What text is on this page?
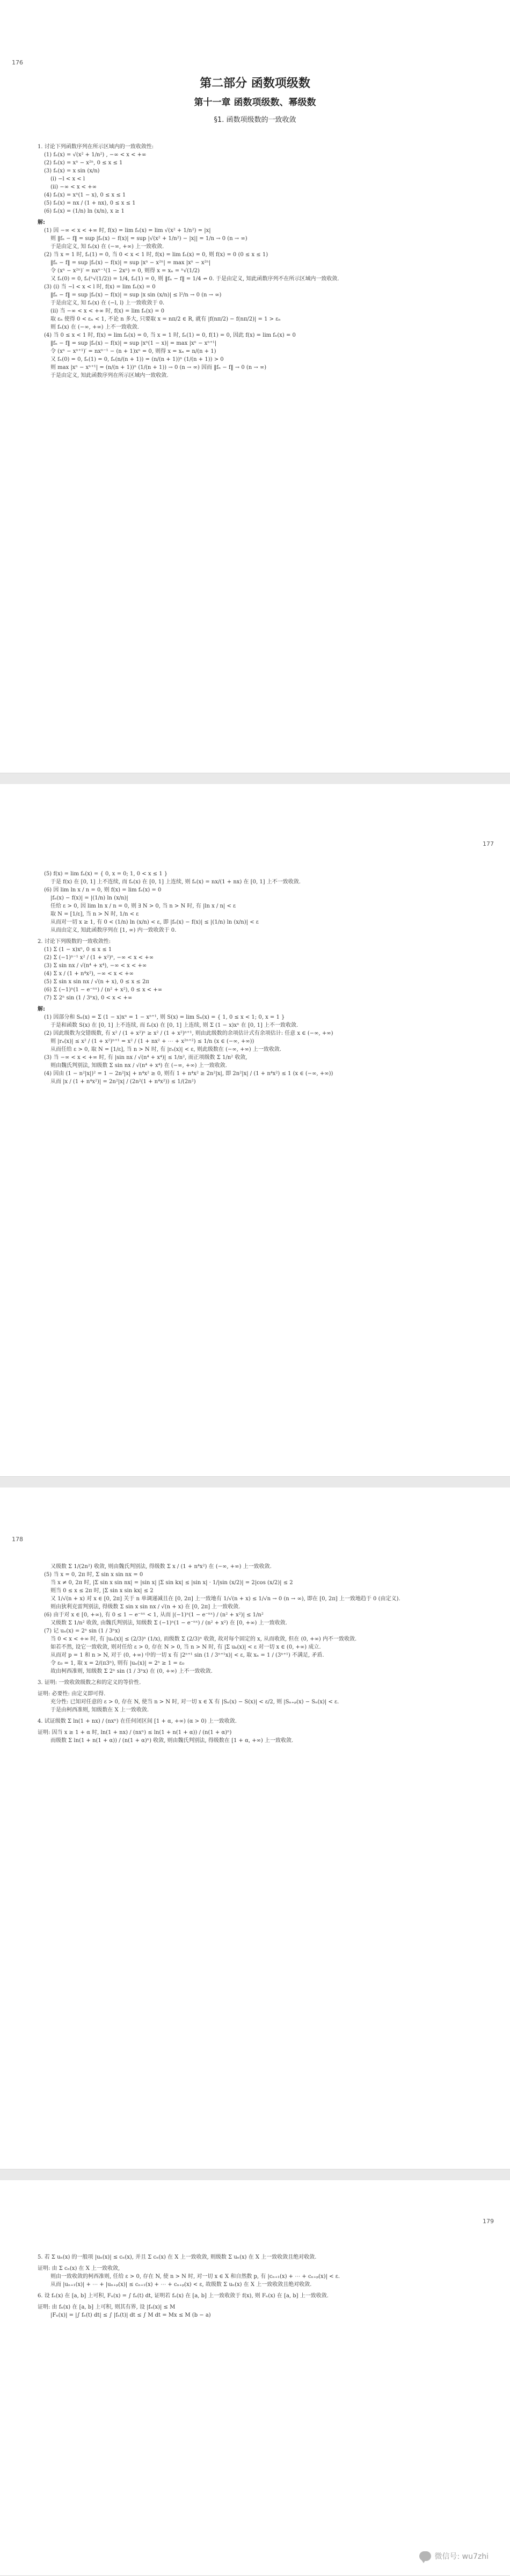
176
第二部分 函数项级数
第十一章 函数项级数、幂级数
§1. 函数项级数的一致收敛
1. 讨论下列函数序列在所示区域内的一致收敛性:
(1) fₙ(x) = √(x² + 1/n²) , −∞ < x < +∞
(2) fₙ(x) = xⁿ − x²ⁿ, 0 ≤ x ≤ 1
(3) fₙ(x) = x sin (x/n)
(i) −l < x < l
(ii) −∞ < x < +∞
(4) fₙ(x) = xⁿ(1 − x), 0 ≤ x ≤ 1
(5) fₙ(x) = nx / (1 + nx), 0 ≤ x ≤ 1
(6) fₙ(x) = (1/n) ln (x/n), x ≥ 1
解:
(1) 因 −∞ < x < +∞ 时, f(x) = lim fₙ(x) = lim √(x² + 1/n²) = |x|
则 ‖fₙ − f‖ = sup |fₙ(x) − f(x)| = sup |√(x² + 1/n²) − |x|| = 1/n → 0 (n → ∞)
于是由定义, 知 fₙ(x) 在 (−∞, +∞) 上一致收敛.
(2) 当 x = 1 时, fₙ(1) = 0, 当 0 < x < 1 时, f(x) = lim fₙ(x) = 0, 则 f(x) = 0 (0 ≤ x ≤ 1)
‖fₙ − f‖ = sup |fₙ(x) − f(x)| = sup |xⁿ − x²ⁿ| = max |xⁿ − x²ⁿ|
令 (xⁿ − x²ⁿ)′ = nxⁿ⁻¹(1 − 2xⁿ) = 0, 则得 x = xₙ = ⁿ√(1/2)
又 fₙ(0) = 0, fₙ(ⁿ√(1/2)) = 1/4, fₙ(1) = 0, 则 ‖fₙ − f‖ = 1/4 ↛ 0. 于是由定义, 知此函数序列不在所示区域内一致收敛.
(3) (i) 当 −l < x < l 时, f(x) = lim fₙ(x) = 0
‖fₙ − f‖ = sup |fₙ(x) − f(x)| = sup |x sin (x/n)| ≤ l²/n → 0 (n → ∞)
于是由定义, 知 fₙ(x) 在 (−l, l) 上一致收敛于 0.
(ii) 当 −∞ < x < +∞ 时, f(x) = lim fₙ(x) = 0
取 εₙ 使得 0 < εₙ < 1, 不论 n 多大, 只要取 x = nπ/2 ∈ R, 就有 |f(nπ/2) − f(nπ/2)| = 1 > εₙ
则 fₙ(x) 在 (−∞, +∞) 上不一致收敛.
(4) 当 0 ≤ x < 1 时, f(x) = lim fₙ(x) = 0, 当 x = 1 时, fₙ(1) = 0, f(1) = 0, 因此 f(x) = lim fₙ(x) = 0
‖fₙ − f‖ = sup |fₙ(x) − f(x)| = sup |xⁿ(1 − x)| = max |xⁿ − xⁿ⁺¹|
令 (xⁿ − xⁿ⁺¹)′ = nxⁿ⁻¹ − (n + 1)xⁿ = 0, 则得 x = xₙ = n/(n + 1)
又 fₙ(0) = 0, fₙ(1) = 0, fₙ(n/(n + 1)) = (n/(n + 1))ⁿ (1/(n + 1)) > 0
则 max |xⁿ − xⁿ⁺¹| = (n/(n + 1))ⁿ (1/(n + 1)) → 0 (n → ∞) 因而 ‖fₙ − f‖ → 0 (n → ∞)
于是由定义, 知此函数序列在所示区域内一致收敛.
177
(5) f(x) = lim fₙ(x) = { 0, x = 0; 1, 0 < x ≤ 1 }
于是 f(x) 在 [0, 1] 上不连续, 而 fₙ(x) 在 [0, 1] 上连续, 则 fₙ(x) = nx/(1 + nx) 在 [0, 1] 上不一致收敛.
(6) 因 lim ln x / n = 0, 则 f(x) = lim fₙ(x) = 0
|fₙ(x) − f(x)| = |(1/n) ln (x/n)|
任给 ε > 0, 因 lim ln x / n = 0, 则 ∃ N > 0, 当 n > N 时, 有 |ln x / n| < ε
取 N = [1/ε], 当 n > N 时, 1/n < ε
从而对一切 x ≥ 1, 有 0 < (1/n) ln (x/n) < ε, 即 |fₙ(x) − f(x)| ≤ |(1/n) ln (x/n)| < ε
从而由定义, 知此函数序列在 [1, ∞) 内一致收敛于 0.
2. 讨论下列级数的一致收敛性:
(1) Σ (1 − x)xⁿ, 0 ≤ x ≤ 1
(2) Σ (−1)ⁿ⁻¹ x² / (1 + x²)ⁿ, −∞ < x < +∞
(3) Σ sin nx / √(n⁴ + x⁴), −∞ < x < +∞
(4) Σ x / (1 + n⁴x²), −∞ < x < +∞
(5) Σ sin x sin nx / √(n + x), 0 ≤ x ≤ 2π
(6) Σ (−1)ⁿ(1 − e⁻ⁿˣ) / (n² + x²), 0 ≤ x < +∞
(7) Σ 2ⁿ sin (1 / 3ⁿx), 0 < x < +∞
解:
(1) 因部分和 Sₙ(x) = Σ (1 − x)xⁿ = 1 − xⁿ⁺¹, 则 S(x) = lim Sₙ(x) = { 1, 0 ≤ x < 1; 0, x = 1 }
于是和函数 S(x) 在 [0, 1] 上不连续, 而 fₙ(x) 在 [0, 1] 上连续, 则 Σ (1 − x)xⁿ 在 [0, 1] 上不一致收敛.
(2) 因此级数为交错级数, 有 x² / (1 + x²)ⁿ ≥ x² / (1 + x²)ⁿ⁺¹, 则由此级数的余项估计式有余项估计: 任意 x ∈ (−∞, +∞)
则 |rₙ(x)| ≤ x² / (1 + x²)ⁿ⁺¹ = x² / (1 + nx² + ⋯ + x²ⁿ⁺²) ≤ 1/n (x ∈ (−∞, +∞))
从而任给 ε > 0, 取 N = [1/ε], 当 n > N 时, 有 |rₙ(x)| < ε, 则此级数在 (−∞, +∞) 上一致收敛.
(3) 当 −∞ < x < +∞ 时, 有 |sin nx / √(n⁴ + x⁴)| ≤ 1/n², 而正项级数 Σ 1/n² 收敛,
则由魏氏判别法, 知级数 Σ sin nx / √(n⁴ + x⁴) 在 (−∞, +∞) 上一致收敛.
(4) 因由 (1 − n²|x|)² = 1 − 2n²|x| + n⁴x² ≥ 0, 则有 1 + n⁴x² ≥ 2n²|x|, 即 2n²|x| / (1 + n⁴x²) ≤ 1 (x ∈ (−∞, +∞))
从而 |x / (1 + n⁴x²)| = 2n²|x| / (2n²(1 + n⁴x²)) ≤ 1/(2n²)
178
又级数 Σ 1/(2n²) 收敛, 则由魏氏判别法, 得级数 Σ x / (1 + n⁴x²) 在 (−∞, +∞) 上一致收敛.
(5) 当 x = 0, 2π 时, Σ sin x sin nx = 0
当 x ≠ 0, 2π 时, |Σ sin x sin nx| = |sin x| |Σ sin kx| ≤ |sin x| · 1/|sin (x/2)| = 2|cos (x/2)| ≤ 2
则当 0 ≤ x ≤ 2π 时, |Σ sin x sin kx| ≤ 2
又 1/√(n + x) 对 x ∈ [0, 2π] 关于 n 单调递减且在 [0, 2π] 上一致地有 1/√(n + x) ≤ 1/√n → 0 (n → ∞), 即在 [0, 2π] 上一致地趋于 0 (由定义).
则由狄利克雷判别法, 得级数 Σ sin x sin nx / √(n + x) 在 [0, 2π] 上一致收敛.
(6) 由于对 x ∈ [0, +∞), 有 0 ≤ 1 − e⁻ⁿˣ < 1, 从而 |(−1)ⁿ(1 − e⁻ⁿˣ) / (n² + x²)| ≤ 1/n²
又级数 Σ 1/n² 收敛, 由魏氏判别法, 知级数 Σ (−1)ⁿ(1 − e⁻ⁿˣ) / (n² + x²) 在 [0, +∞) 上一致收敛.
(7) 记 uₙ(x) = 2ⁿ sin (1 / 3ⁿx)
当 0 < x < +∞ 时, 有 |uₙ(x)| ≤ (2/3)ⁿ (1/x), 而级数 Σ (2/3)ⁿ 收敛, 故对每个固定的 x, 从而收敛, 但在 (0, +∞) 内不一致收敛.
如若不然, 设它一致收敛, 则对任给 ε > 0, 存在 N > 0, 当 n > N 时, 有 |Σ uₖ(x)| < ε 对一切 x ∈ (0, +∞) 成立.
从而对 p = 1 和 n > N, 对于 (0, +∞) 中的一切 x 有 |2ⁿ⁺¹ sin (1 / 3ⁿ⁺¹x)| < ε, 取 xₙ = 1 / (3ⁿ⁺¹) 不满足, 矛盾.
令 ε₀ = 1, 取 x = 2/(π3ⁿ), 则有 |uₙ(x)| = 2ⁿ ≥ 1 = ε₀
故由柯西准则, 知级数 Σ 2ⁿ sin (1 / 3ⁿx) 在 (0, +∞) 上不一致收敛.
3. 证明: 一致收敛级数之和的定义的等价性.
证明: 必要性: 由定义即可得.
充分性: 已知对任意的 ε > 0, 存在 N, 使当 n > N 时, 对一切 x ∈ X 有 |Sₙ(x) − S(x)| < ε/2, 则 |Sₙ₊ₚ(x) − Sₙ(x)| < ε.
于是由柯西准则, 知级数在 X 上一致收敛.
4. 试证级数 Σ ln(1 + nx) / (nxⁿ) 在任何闭区间 [1 + α, +∞) (α > 0) 上一致收敛.
证明: 因当 x ≥ 1 + α 时, ln(1 + nx) / (nxⁿ) ≤ ln(1 + n(1 + α)) / (n(1 + α)ⁿ)
而级数 Σ ln(1 + n(1 + α)) / (n(1 + α)ⁿ) 收敛, 则由魏氏判别法, 得级数在 [1 + α, +∞) 上一致收敛.
179
5. 若 Σ uₙ(x) 的一般项 |uₙ(x)| ≤ cₙ(x), 并且 Σ cₙ(x) 在 X 上一致收敛, 则级数 Σ uₙ(x) 在 X 上一致收敛且绝对收敛.
证明: 由 Σ cₙ(x) 在 X 上一致收敛,
则由一致收敛的柯西准则, 任给 ε > 0, 存在 N, 使 n > N 时, 对一切 x ∈ X 和自然数 p, 有 |cₙ₊₁(x) + ⋯ + cₙ₊ₚ(x)| < ε.
从而 |uₙ₊₁(x)| + ⋯ + |uₙ₊ₚ(x)| ≤ cₙ₊₁(x) + ⋯ + cₙ₊ₚ(x) < ε, 故级数 Σ uₙ(x) 在 X 上一致收敛且绝对收敛.
6. 设 fₙ(x) 在 [a, b] 上可积, Fₙ(x) = ∫ fₙ(t) dt, 证明若 fₙ(x) 在 [a, b] 上一致收敛于 f(x), 则 Fₙ(x) 在 [a, b] 上一致收敛.
证明: 由 fₙ(x) 在 [a, b] 上可积, 则其有界, 设 |fₙ(x)| ≤ M
|Fₙ(x)| = |∫ fₙ(t) dt| ≤ ∫ |fₙ(t)| dt ≤ ∫ M dt = Mx ≤ M (b − a)
微信号: wu7zhi
